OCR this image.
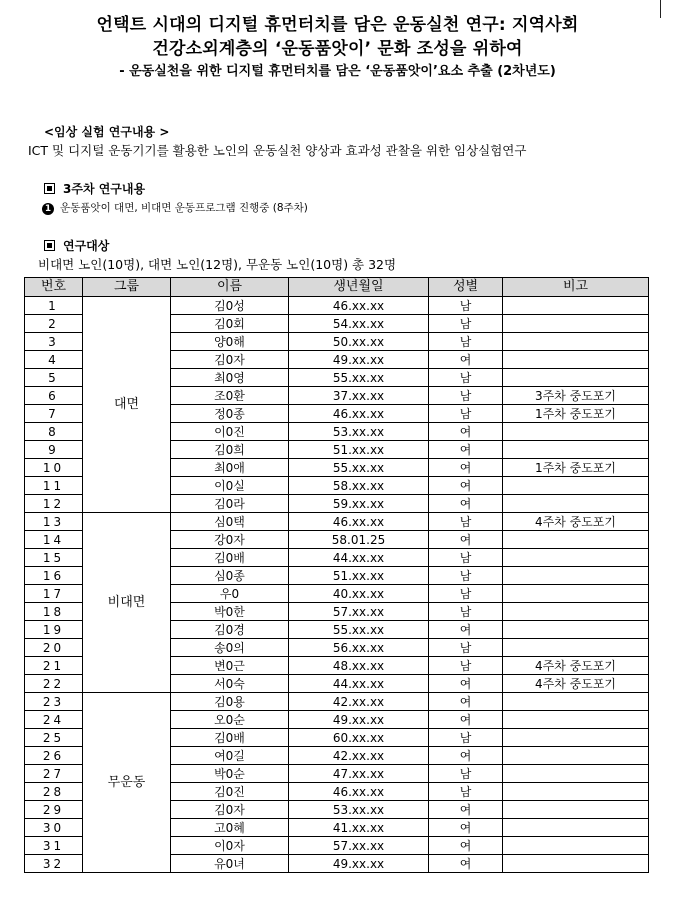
언택트 시대의 디지털 휴먼터치를 담은 운동실천 연구: 지역사회
건강소외계층의 ‘운동품앗이’ 문화 조성을 위하여
- 운동실천을 위한 디지털 휴먼터치를 담은 ‘운동품앗이’요소 추출 (2차년도)
<임상 실험 연구내용 >
ICT 및 디지털 운동기기를 활용한 노인의 운동실천 양상과 효과성 관찰을 위한 임상실험연구
3주차 연구내용
1 운동품앗이 대면, 비대면 운동프로그램 진행중 (8주차)
연구대상
비대면 노인(10명), 대면 노인(12명), 무운동 노인(10명) 총 32명
번호	그룹	이름	생년월일	성별	비고
1	대면	김0성	46.xx.xx	남	
2		김0회	54.xx.xx	남	
3		양0해	50.xx.xx	남	
4		김0자	49.xx.xx	여	
5		최0영	55.xx.xx	남	
6		조0환	37.xx.xx	남	3주차 중도포기
7		정0종	46.xx.xx	남	1주차 중도포기
8		이0진	53.xx.xx	여	
9		김0희	51.xx.xx	여	
10		최0애	55.xx.xx	여	1주차 중도포기
11		이0실	58.xx.xx	여	
12		김0라	59.xx.xx	여	
13	비대면	심0택	46.xx.xx	남	4주차 중도포기
14		강0자	58.01.25	여	
15		김0배	44.xx.xx	남	
16		심0종	51.xx.xx	남	
17		우0	40.xx.xx	남	
18		박0한	57.xx.xx	남	
19		김0경	55.xx.xx	여	
20		송0의	56.xx.xx	남	
21		변0근	48.xx.xx	남	4주차 중도포기
22		서0숙	44.xx.xx	여	4주차 중도포기
23	무운동	김0용	42.xx.xx	여	
24		오0순	49.xx.xx	여	
25		김0배	60.xx.xx	남	
26		여0길	42.xx.xx	여	
27		박0순	47.xx.xx	남	
28		김0진	46.xx.xx	남	
29		김0자	53.xx.xx	여	
30		고0혜	41.xx.xx	여	
31		이0자	57.xx.xx	여	
32		유0녀	49.xx.xx	여	
